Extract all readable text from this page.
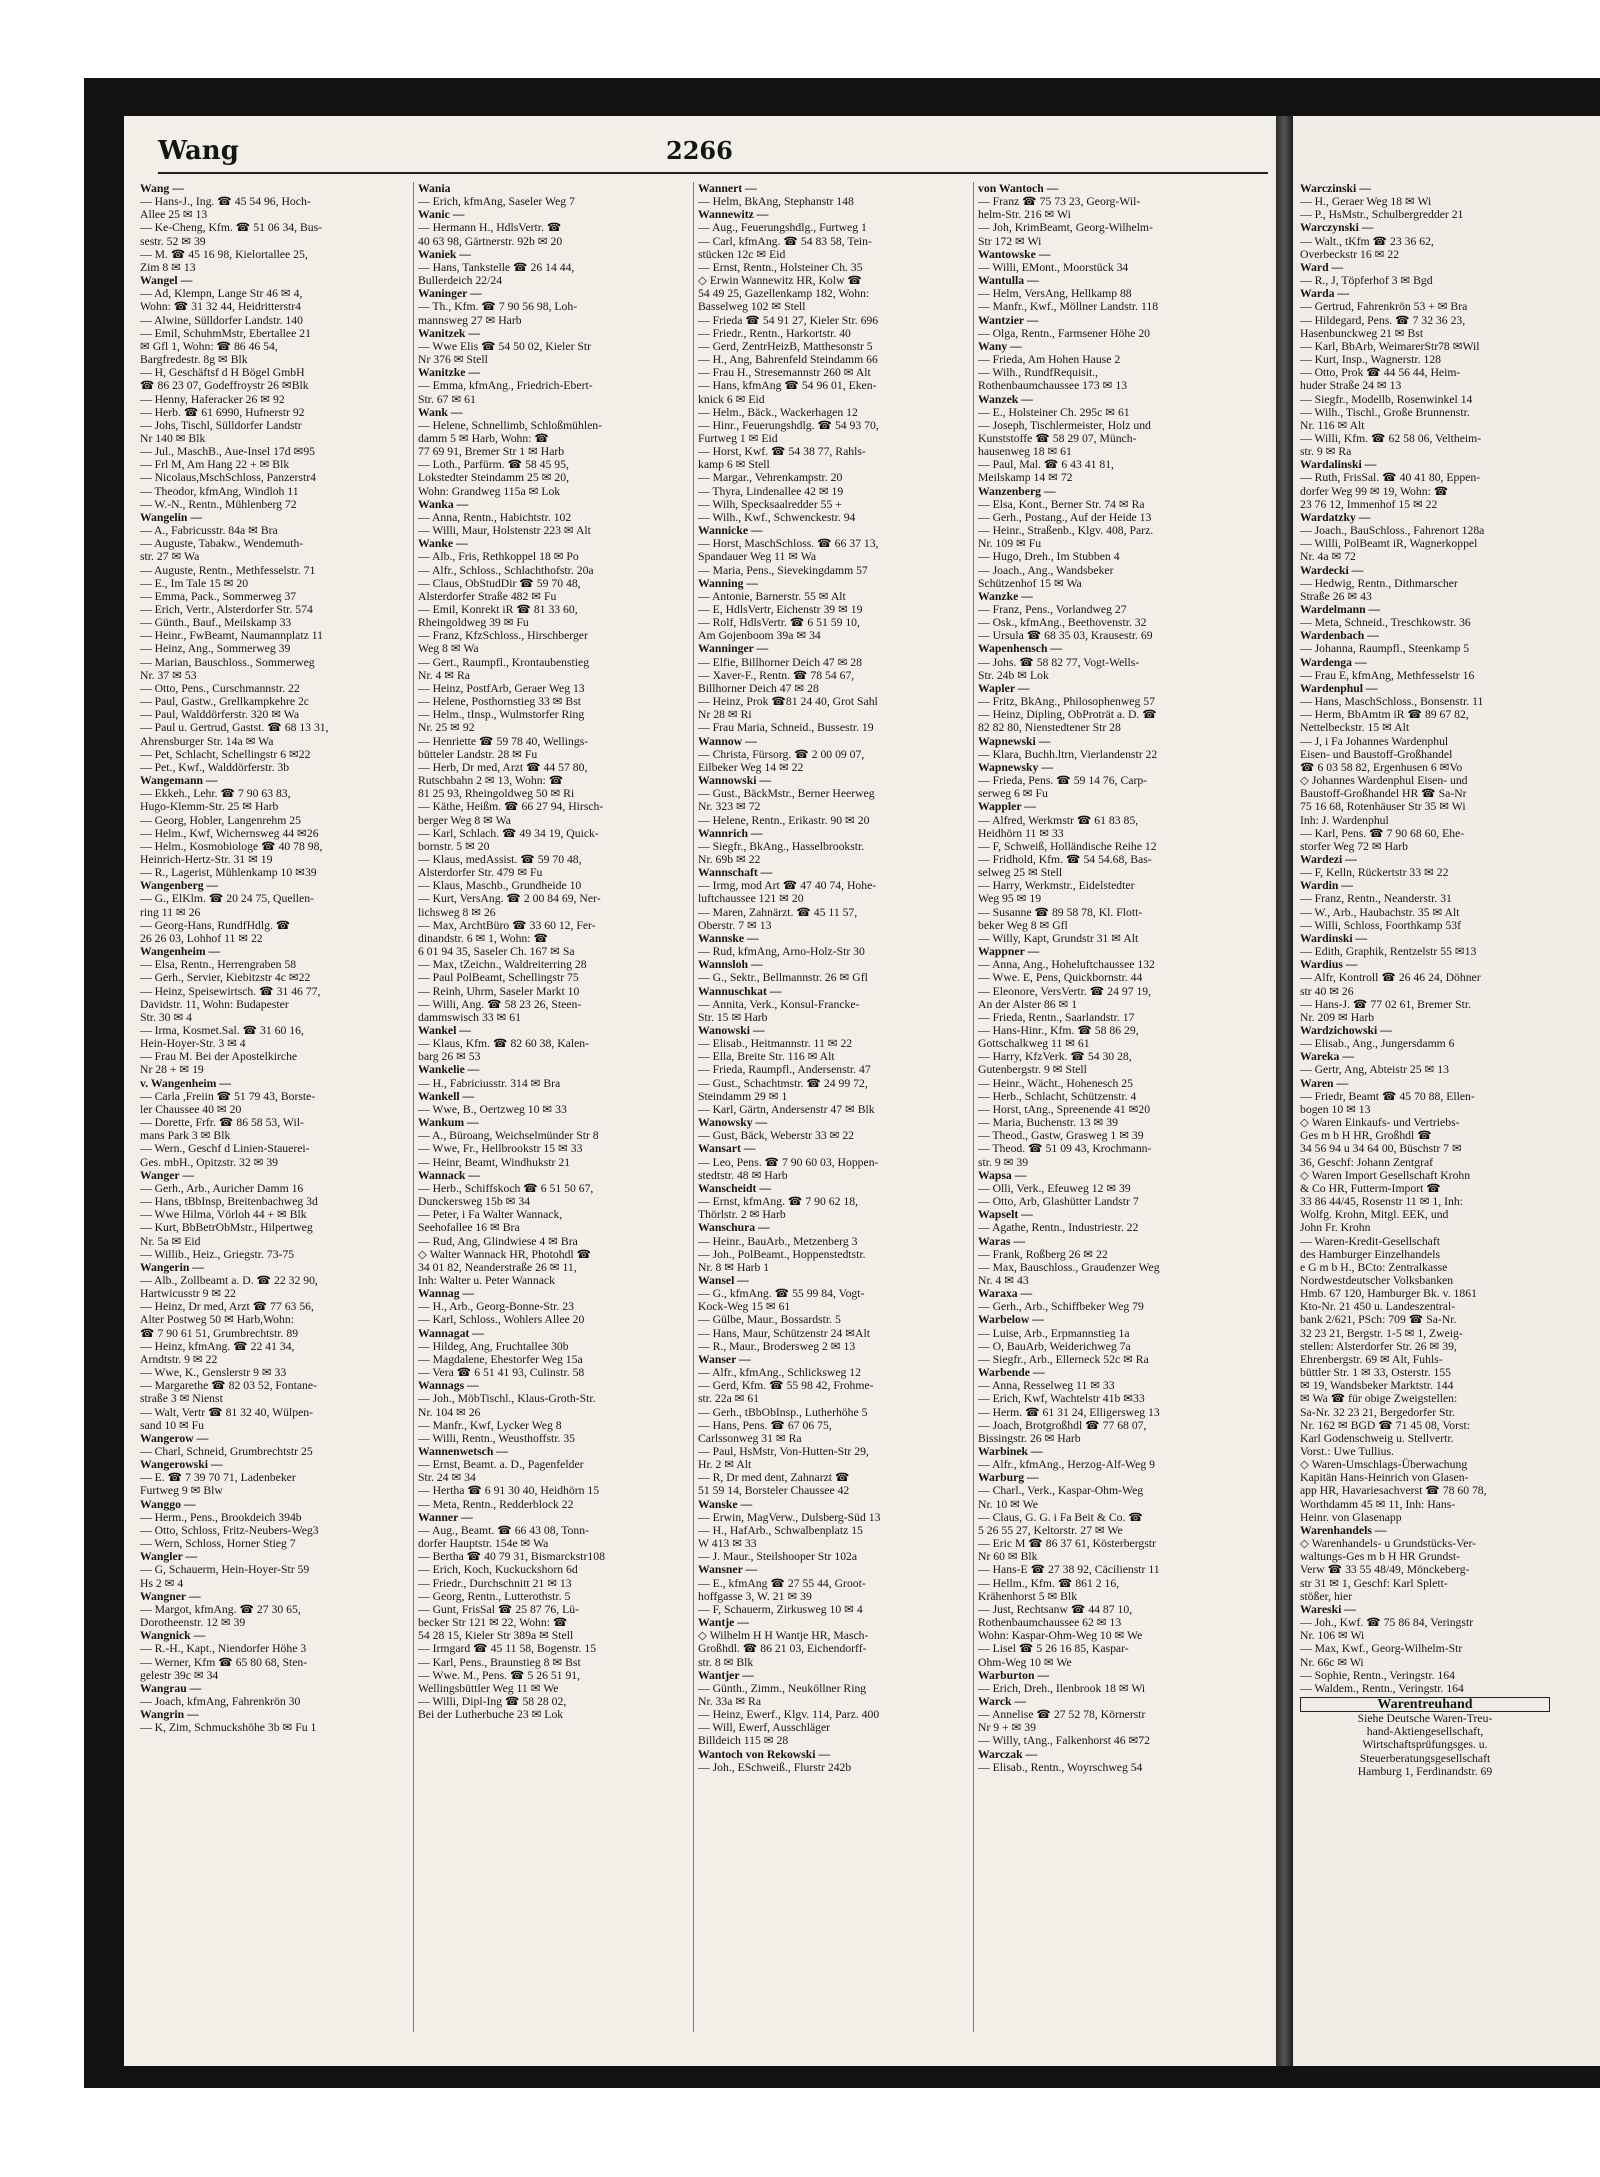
Wang	2266
Wang —
— Hans-J., Ing. ☎ 45 54 96, Hoch-
Allee 25 ✉ 13
— Ke-Cheng, Kfm. ☎ 51 06 34, Bus-
sestr. 52 ✉ 39
— M. ☎ 45 16 98, Kielortallee 25,
Zim 8 ✉ 13
Wangel —
— Ad, Klempn, Lange Str 46 ✉ 4,
Wohn: ☎ 31 32 44, Heidritterstr4
— Alwine, Sülldorfer Landstr. 140
— Emil, SchuhmMstr, Ebertallee 21
✉ Gfl 1, Wohn: ☎ 86 46 54,
Bargfredestr. 8g ✉ Blk
— H, Geschäftsf d H Bögel GmbH
☎ 86 23 07, Godeffroystr 26 ✉Blk
— Henny, Haferacker 26 ✉ 92
— Herb. ☎ 61 6990, Hufnerstr 92
— Johs, Tischl, Sülldorfer Landstr
Nr 140 ✉ Blk
— Jul., MaschB., Aue-Insel 17d ✉95
— Frl M, Am Hang 22 + ✉ Blk
— Nicolaus,MschSchloss, Panzerstr4
— Theodor, kfmAng, Windloh 11
— W.-N., Rentn., Mühlenberg 72
Wangelin —
— A., Fabricusstr. 84a ✉ Bra
— Auguste, Tabakw., Wendemuth-
str. 27 ✉ Wa
— Auguste, Rentn., Methfesselstr. 71
— E., Im Tale 15 ✉ 20
— Emma, Pack., Sommerweg 37
— Erich, Vertr., Alsterdorfer Str. 574
— Günth., Bauf., Meilskamp 33
— Heinr., FwBeamt, Naumannplatz 11
— Heinz, Ang., Sommerweg 39
— Marian, Bauschloss., Sommerweg
Nr. 37 ✉ 53
— Otto, Pens., Curschmannstr. 22
— Paul, Gastw., Grellkampkehre 2c
— Paul, Walddörferstr. 320 ✉ Wa
— Paul u. Gertrud, Gastst. ☎ 68 13 31,
Ahrensburger Str. 14a ✉ Wa
— Pet, Schlacht, Schellingstr 6 ✉22
— Pet., Kwf., Walddörferstr. 3b
Wangemann —
— Ekkeh., Lehr. ☎ 7 90 63 83,
Hugo-Klemm-Str. 25 ✉ Harb
— Georg, Hobler, Langenrehm 25
— Helm., Kwf, Wichernsweg 44 ✉26
— Helm., Kosmobiologe ☎ 40 78 98,
Heinrich-Hertz-Str. 31 ✉ 19
— R., Lagerist, Mühlenkamp 10 ✉39
Wangenberg —
— G., ElKlm. ☎ 20 24 75, Quellen-
ring 11 ✉ 26
— Georg-Hans, RundfHdlg. ☎
26 26 03, Lohhof 11 ✉ 22
Wangenheim —
— Elsa, Rentn., Herrengraben 58
— Gerh., Servier, Kiebitzstr 4c ✉22
— Heinz, Speisewirtsch. ☎ 31 46 77,
Davidstr. 11, Wohn: Budapester
Str. 30 ✉ 4
— Irma, Kosmet.Sal. ☎ 31 60 16,
Hein-Hoyer-Str. 3 ✉ 4
— Frau M. Bei der Apostelkirche
Nr 28 + ✉ 19
v. Wangenheim —
— Carla ,Freiin ☎ 51 79 43, Borste-
ler Chaussee 40 ✉ 20
— Dorette, Frfr. ☎ 86 58 53, Wil-
mans Park 3 ✉ Blk
— Wern., Geschf d Linien-Stauerei-
Ges. mbH., Opitzstr. 32 ✉ 39
Wanger —
— Gerh., Arb., Auricher Damm 16
— Hans, tBbInsp, Breitenbachweg 3d
— Wwe Hilma, Vörloh 44 + ✉ Blk
— Kurt, BbBetrObMstr., Hilpertweg
Nr. 5a ✉ Eid
— Willib., Heiz., Griegstr. 73-75
Wangerin —
— Alb., Zollbeamt a. D. ☎ 22 32 90,
Hartwicusstr 9 ✉ 22
— Heinz, Dr med, Arzt ☎ 77 63 56,
Alter Postweg 50 ✉ Harb,Wohn:
☎ 7 90 61 51, Grumbrechtstr. 89
— Heinz, kfmAng. ☎ 22 41 34,
Arndtstr. 9 ✉ 22
— Wwe, K., Genslerstr 9 ✉ 33
— Margarethe ☎ 82 03 52, Fontane-
straße 3 ✉ Nienst
— Walt, Vertr ☎ 81 32 40, Wülpen-
sand 10 ✉ Fu
Wangerow —
— Charl, Schneid, Grumbrechtstr 25
Wangerowski —
— E. ☎ 7 39 70 71, Ladenbeker
Furtweg 9 ✉ Blw
Wanggo —
— Herm., Pens., Brookdeich 394b
— Otto, Schloss, Fritz-Neubers-Weg3
— Wern, Schloss, Horner Stieg 7
Wangler —
— G, Schauerm, Hein-Hoyer-Str 59
Hs 2 ✉ 4
Wangner —
— Margot, kfmAng. ☎ 27 30 65,
Dorotheenstr. 12 ✉ 39
Wangnick —
— R.-H., Kapt., Niendorfer Höhe 3
— Werner, Kfm ☎ 65 80 68, Sten-
gelestr 39c ✉ 34
Wangrau —
— Joach, kfmAng, Fahrenkrön 30
Wangrin —
— K, Zim, Schmuckshöhe 3b ✉ Fu 1
Wania
— Erich, kfmAng, Saseler Weg 7
Wanic —
— Hermann H., HdlsVertr. ☎
40 63 98, Gärtnerstr. 92b ✉ 20
Waniek —
— Hans, Tankstelle ☎ 26 14 44,
Bullerdeich 22/24
Waninger —
— Th., Kfm. ☎ 7 90 56 98, Loh-
mannsweg 27 ✉ Harb
Wanitzek —
— Wwe Elis ☎ 54 50 02, Kieler Str
Nr 376 ✉ Stell
Wanitzke —
— Emma, kfmAng., Friedrich-Ebert-
Str. 67 ✉ 61
Wank —
— Helene, Schnellimb, Schloßmühlen-
damm 5 ✉ Harb, Wohn: ☎
77 69 91, Bremer Str 1 ✉ Harb
— Loth., Parfürm. ☎ 58 45 95,
Lokstedter Steindamm 25 ✉ 20,
Wohn: Grandweg 115a ✉ Lok
Wanka —
— Anna, Rentn., Habichtstr. 102
— Willi, Maur, Holstenstr 223 ✉ Alt
Wanke —
— Alb., Fris, Rethkoppel 18 ✉ Po
— Alfr., Schloss., Schlachthofstr. 20a
— Claus, ObStudDir ☎ 59 70 48,
Alsterdorfer Straße 482 ✉ Fu
— Emil, Konrekt iR ☎ 81 33 60,
Rheingoldweg 39 ✉ Fu
— Franz, KfzSchloss., Hirschberger
Weg 8 ✉ Wa
— Gert., Raumpfl., Krontaubenstieg
Nr. 4 ✉ Ra
— Heinz, PostfArb, Geraer Weg 13
— Helene, Posthornstieg 33 ✉ Bst
— Helm., tInsp., Wulmstorfer Ring
Nr. 25 ✉ 92
— Henriette ☎ 59 78 40, Wellings-
bütteler Landstr. 28 ✉ Fu
— Herb, Dr med, Arzt ☎ 44 57 80,
Rutschbahn 2 ✉ 13, Wohn: ☎
81 25 93, Rheingoldweg 50 ✉ Ri
— Käthe, Heißm. ☎ 66 27 94, Hirsch-
berger Weg 8 ✉ Wa
— Karl, Schlach. ☎ 49 34 19, Quick-
bornstr. 5 ✉ 20
— Klaus, medAssist. ☎ 59 70 48,
Alsterdorfer Str. 479 ✉ Fu
— Klaus, Maschb., Grundheide 10
— Kurt, VersAng. ☎ 2 00 84 69, Ner-
lichsweg 8 ✉ 26
— Max, ArchtBüro ☎ 33 60 12, Fer-
dinandstr. 6 ✉ 1, Wohn: ☎
6 01 94 35, Saseler Ch. 167 ✉ Sa
— Max, tZeichn., Waldreiterring 28
— Paul PolBeamt, Schellingstr 75
— Reinh, Uhrm, Saseler Markt 10
— Willi, Ang. ☎ 58 23 26, Steen-
dammswisch 33 ✉ 61
Wankel —
— Klaus, Kfm. ☎ 82 60 38, Kalen-
barg 26 ✉ 53
Wankelie —
— H., Fabriciusstr. 314 ✉ Bra
Wankell —
— Wwe, B., Oertzweg 10 ✉ 33
Wankum —
— A., Büroang, Weichselmünder Str 8
— Wwe, Fr., Hellbrookstr 15 ✉ 33
— Heinr, Beamt, Windhukstr 21
Wannack —
— Herb., Schiffskoch ☎ 6 51 50 67,
Dunckersweg 15b ✉ 34
— Peter, i Fa Walter Wannack,
Seehofallee 16 ✉ Bra
— Rud, Ang, Glindwiese 4 ✉ Bra
◇ Walter Wannack HR, Photohdl ☎
34 01 82, Neanderstraße 26 ✉ 11,
Inh: Walter u. Peter Wannack
Wannag —
— H., Arb., Georg-Bonne-Str. 23
— Karl, Schloss., Wohlers Allee 20
Wannagat —
— Hildeg, Ang, Fruchtallee 30b
— Magdalene, Ehestorfer Weg 15a
— Vera ☎ 6 51 41 93, Culinstr. 58
Wannags —
— Joh., MöbTischl., Klaus-Groth-Str.
Nr. 104 ✉ 26
— Manfr., Kwf, Lycker Weg 8
— Willi, Rentn., Weusthoffstr. 35
Wannenwetsch —
— Ernst, Beamt. a. D., Pagenfelder
Str. 24 ✉ 34
— Hertha ☎ 6 91 30 40, Heidhörn 15
— Meta, Rentn., Redderblock 22
Wanner —
— Aug., Beamt. ☎ 66 43 08, Tonn-
dorfer Hauptstr. 154e ✉ Wa
— Bertha ☎ 40 79 31, Bismarckstr108
— Erich, Koch, Kuckuckshorn 6d
— Friedr., Durchschnitt 21 ✉ 13
— Georg, Rentn., Lutterothstr. 5
— Gunt, FrisSal ☎ 25 87 76, Lü-
becker Str 121 ✉ 22, Wohn: ☎
54 28 15, Kieler Str 389a ✉ Stell
— Irmgard ☎ 45 11 58, Bogenstr. 15
— Karl, Pens., Braunstieg 8 ✉ Bst
— Wwe. M., Pens. ☎ 5 26 51 91,
Wellingsbüttler Weg 11 ✉ We
— Willi, Dipl-Ing ☎ 58 28 02,
Bei der Lutherbuche 23 ✉ Lok
Wannert —
— Helm, BkAng, Stephanstr 148
Wannewitz —
— Aug., Feuerungshdlg., Furtweg 1
— Carl, kfmAng. ☎ 54 83 58, Tein-
stücken 12c ✉ Eid
— Ernst, Rentn., Holsteiner Ch. 35
◇ Erwin Wannewitz HR, Kolw ☎
54 49 25, Gazellenkamp 182, Wohn:
Basselweg 102 ✉ Stell
— Frieda ☎ 54 91 27, Kieler Str. 696
— Friedr., Rentn., Harkortstr. 40
— Gerd, ZentrHeizB, Matthesonstr 5
— H., Ang, Bahrenfeld Steindamm 66
— Frau H., Stresemannstr 260 ✉ Alt
— Hans, kfmAng ☎ 54 96 01, Eken-
knick 6 ✉ Eid
— Helm., Bäck., Wackerhagen 12
— Hinr., Feuerungshdlg. ☎ 54 93 70,
Furtweg 1 ✉ Eid
— Horst, Kwf. ☎ 54 38 77, Rahls-
kamp 6 ✉ Stell
— Margar., Vehrenkampstr. 20
— Thyra, Lindenallee 42 ✉ 19
— Wilh, Specksaalredder 55 +
— Wilh., Kwf., Schwenckestr. 94
Wannicke —
— Horst, MaschSchloss. ☎ 66 37 13,
Spandauer Weg 11 ✉ Wa
— Maria, Pens., Sievekingdamm 57
Wanning —
— Antonie, Barnerstr. 55 ✉ Alt
— E, HdlsVertr, Eichenstr 39 ✉ 19
— Rolf, HdlsVertr. ☎ 6 51 59 10,
Am Gojenboom 39a ✉ 34
Wanninger —
— Elfie, Billhorner Deich 47 ✉ 28
— Xaver-F., Rentn. ☎ 78 54 67,
Billhorner Deich 47 ✉ 28
— Heinz, Prok ☎81 24 40, Grot Sahl
Nr 28 ✉ Ri
— Frau Maria, Schneid., Bussestr. 19
Wannow —
— Christa, Fürsorg. ☎ 2 00 09 07,
Eilbeker Weg 14 ✉ 22
Wannowski —
— Gust., BäckMstr., Berner Heerweg
Nr. 323 ✉ 72
— Helene, Rentn., Erikastr. 90 ✉ 20
Wannrich —
— Siegfr., BkAng., Hasselbrookstr.
Nr. 69b ✉ 22
Wannschaft —
— Irmg, mod Art ☎ 47 40 74, Hohe-
luftchaussee 121 ✉ 20
— Maren, Zahnärzt. ☎ 45 11 57,
Oberstr. 7 ✉ 13
Wannske —
— Rud, kfmAng, Arno-Holz-Str 30
Wannsloh —
— G., Sektr., Bellmannstr. 26 ✉ Gfl
Wannuschkat —
— Annita, Verk., Konsul-Francke-
Str. 15 ✉ Harb
Wanowski —
— Elisab., Heitmannstr. 11 ✉ 22
— Ella, Breite Str. 116 ✉ Alt
— Frieda, Raumpfl., Andersenstr. 47
— Gust., Schachtmstr. ☎ 24 99 72,
Steindamm 29 ✉ 1
— Karl, Gärtn, Andersenstr 47 ✉ Blk
Wanowsky —
— Gust, Bäck, Weberstr 33 ✉ 22
Wansart —
— Leo, Pens. ☎ 7 90 60 03, Hoppen-
stedtstr. 48 ✉ Harb
Wanscheidt —
— Ernst, kfmAng. ☎ 7 90 62 18,
Thörlstr. 2 ✉ Harb
Wanschura —
— Heinr., BauArb., Metzenberg 3
— Joh., PolBeamt., Hoppenstedtstr.
Nr. 8 ✉ Harb 1
Wansel —
— G., kfmAng. ☎ 55 99 84, Vogt-
Kock-Weg 15 ✉ 61
— Gülbe, Maur., Bossardstr. 5
— Hans, Maur, Schützenstr 24 ✉Alt
— R., Maur., Brodersweg 2 ✉ 13
Wanser —
— Alfr., kfmAng., Schlicksweg 12
— Gerd, Kfm. ☎ 55 98 42, Frohme-
str. 22a ✉ 61
— Gerh., tBbObInsp., Lutherhöhe 5
— Hans, Pens. ☎ 67 06 75,
Carlssonweg 31 ✉ Ra
— Paul, HsMstr, Von-Hutten-Str 29,
Hr. 2 ✉ Alt
— R, Dr med dent, Zahnarzt ☎
51 59 14, Borsteler Chaussee 42
Wanske —
— Erwin, MagVerw., Dulsberg-Süd 13
— H., HafArb., Schwalbenplatz 15
W 413 ✉ 33
— J. Maur., Steilshooper Str 102a
Wansner —
— E., kfmAng ☎ 27 55 44, Groot-
hoffgasse 3, W. 21 ✉ 39
— F, Schauerm, Zirkusweg 10 ✉ 4
Wantje —
◇ Wilhelm H H Wantje HR, Masch-
Großhdl. ☎ 86 21 03, Eichendorff-
str. 8 ✉ Blk
Wantjer —
— Günth., Zimm., Neuköllner Ring
Nr. 33a ✉ Ra
— Heinz, Ewerf., Klgv. 114, Parz. 400
— Will, Ewerf, Ausschläger
Billdeich 115 ✉ 28
Wantoch von Rekowski —
— Joh., ESchweiß., Flurstr 242b
von Wantoch —
— Franz ☎ 75 73 23, Georg-Wil-
helm-Str. 216 ✉ Wi
— Joh, KrimBeamt, Georg-Wilhelm-
Str 172 ✉ Wi
Wantowske —
— Willi, EMont., Moorstück 34
Wantulla —
— Helm, VersAng, Hellkamp 88
— Manfr., Kwf., Möllner Landstr. 118
Wantzier —
— Olga, Rentn., Farmsener Höhe 20
Wany —
— Frieda, Am Hohen Hause 2
— Wilh., RundfRequisit.,
Rothenbaumchaussee 173 ✉ 13
Wanzek —
— E., Holsteiner Ch. 295c ✉ 61
— Joseph, Tischlermeister, Holz und
Kunststoffe ☎ 58 29 07, Münch-
hausenweg 18 ✉ 61
— Paul, Mal. ☎ 6 43 41 81,
Meilskamp 14 ✉ 72
Wanzenberg —
— Elsa, Kont., Berner Str. 74 ✉ Ra
— Gerh., Postang., Auf der Heide 13
— Heinr., Straßenb., Klgv. 408, Parz.
Nr. 109 ✉ Fu
— Hugo, Dreh., Im Stubben 4
— Joach., Ang., Wandsbeker
Schützenhof 15 ✉ Wa
Wanzke —
— Franz, Pens., Vorlandweg 27
— Osk., kfmAng., Beethovenstr. 32
— Ursula ☎ 68 35 03, Krausestr. 69
Wapenhensch —
— Johs. ☎ 58 82 77, Vogt-Wells-
Str. 24b ✉ Lok
Wapler —
— Fritz, BkAng., Philosophenweg 57
— Heinz, Dipling, ObProträt a. D. ☎
82 82 80, Nienstedtener Str 28
Wapnewski —
— Klara, Buchh.ltrn, Vierlandenstr 22
Wapnewsky —
— Frieda, Pens. ☎ 59 14 76, Carp-
serweg 6 ✉ Fu
Wappler —
— Alfred, Werkmstr ☎ 61 83 85,
Heidhörn 11 ✉ 33
— F, Schweiß, Holländische Reihe 12
— Fridhold, Kfm. ☎ 54 54.68, Bas-
selweg 25 ✉ Stell
— Harry, Werkmstr., Eidelstedter
Weg 95 ✉ 19
— Susanne ☎ 89 58 78, Kl. Flott-
beker Weg 8 ✉ Gfl
— Willy, Kapt, Grundstr 31 ✉ Alt
Wappner —
— Anna, Ang., Hoheluftchaussee 132
— Wwe. E, Pens, Quickbornstr. 44
— Eleonore, VersVertr. ☎ 24 97 19,
An der Alster 86 ✉ 1
— Frieda, Rentn., Saarlandstr. 17
— Hans-Hinr., Kfm. ☎ 58 86 29,
Gottschalkweg 11 ✉ 61
— Harry, KfzVerk. ☎ 54 30 28,
Gutenbergstr. 9 ✉ Stell
— Heinr., Wächt., Hohenesch 25
— Herb., Schlacht, Schützenstr. 4
— Horst, tAng., Spreenende 41 ✉20
— Maria, Buchenstr. 13 ✉ 39
— Theod., Gastw, Grasweg 1 ✉ 39
— Theod. ☎ 51 09 43, Krochmann-
str. 9 ✉ 39
Wapsa —
— Olli, Verk., Efeuweg 12 ✉ 39
— Otto, Arb, Glashütter Landstr 7
Wapselt —
— Agathe, Rentn., Industriestr. 22
Waras —
— Frank, Roßberg 26 ✉ 22
— Max, Bauschloss., Graudenzer Weg
Nr. 4 ✉ 43
Waraxa —
— Gerh., Arb., Schiffbeker Weg 79
Warbelow —
— Luise, Arb., Erpmannstieg 1a
— O, BauArb, Weiderichweg 7a
— Siegfr., Arb., Ellerneck 52c ✉ Ra
Warbende —
— Anna, Resselweg 11 ✉ 33
— Erich, Kwf, Wachtelstr 41b ✉33
— Herm. ☎ 61 31 24, Elligersweg 13
— Joach, Brotgroßhdl ☎ 77 68 07,
Bissingstr. 26 ✉ Harb
Warbinek —
— Alfr., kfmAng., Herzog-Alf-Weg 9
Warburg —
— Charl., Verk., Kaspar-Ohm-Weg
Nr. 10 ✉ We
— Claus, G. G. i Fa Beit & Co. ☎
5 26 55 27, Keltorstr. 27 ✉ We
— Eric M ☎ 86 37 61, Kösterbergstr
Nr 60 ✉ Blk
— Hans-E ☎ 27 38 92, Cäcilienstr 11
— Hellm., Kfm. ☎ 861 2 16,
Krähenhorst 5 ✉ Blk
— Just, Rechtsanw ☎ 44 87 10,
Rothenbaumchaussee 62 ✉ 13
Wohn: Kaspar-Ohm-Weg 10 ✉ We
— Lisel ☎ 5 26 16 85, Kaspar-
Ohm-Weg 10 ✉ We
Warburton —
— Erich, Dreh., Ilenbrook 18 ✉ Wi
Warck —
— Annelise ☎ 27 52 78, Körnerstr
Nr 9 + ✉ 39
— Willy, tAng., Falkenhorst 46 ✉72
Warczak —
— Elisab., Rentn., Woyrschweg 54
Warczinski —
— H., Geraer Weg 18 ✉ Wi
— P., HsMstr., Schulbergredder 21
Warczynski —
— Walt., tKfm ☎ 23 36 62,
Overbeckstr 16 ✉ 22
Ward —
— R., J, Töpferhof 3 ✉ Bgd
Warda —
— Gertrud, Fahrenkrön 53 + ✉ Bra
— Hildegard, Pens. ☎ 7 32 36 23,
Hasenbunckweg 21 ✉ Bst
— Karl, BbArb, WeimarerStr78 ✉Wil
— Kurt, Insp., Wagnerstr. 128
— Otto, Prok ☎ 44 56 44, Heim-
huder Straße 24 ✉ 13
— Siegfr., Modellb, Rosenwinkel 14
— Wilh., Tischl., Große Brunnenstr.
Nr. 116 ✉ Alt
— Willi, Kfm. ☎ 62 58 06, Veltheim-
str. 9 ✉ Ra
Wardalinski —
— Ruth, FrisSal. ☎ 40 41 80, Eppen-
dorfer Weg 99 ✉ 19, Wohn: ☎
23 76 12, Immenhof 15 ✉ 22
Wardatzky —
— Joach., BauSchloss., Fahrenort 128a
— Willi, PolBeamt iR, Wagnerkoppel
Nr. 4a ✉ 72
Wardecki —
— Hedwig, Rentn., Dithmarscher
Straße 26 ✉ 43
Wardelmann —
— Meta, Schneid., Treschkowstr. 36
Wardenbach —
— Johanna, Raumpfl., Steenkamp 5
Wardenga —
— Frau E, kfmAng, Methfesselstr 16
Wardenphul —
— Hans, MaschSchloss., Bonsenstr. 11
— Herm, BbAmtm iR ☎ 89 67 82,
Nettelbeckstr. 15 ✉ Alt
— J, i Fa Johannes Wardenphul
Eisen- und Baustoff-Großhandel
☎ 6 03 58 82, Ergenhusen 6 ✉Vo
◇ Johannes Wardenphul Eisen- und
Baustoff-Großhandel HR ☎ Sa-Nr
75 16 68, Rotenhäuser Str 35 ✉ Wi
Inh: J. Wardenphul
— Karl, Pens. ☎ 7 90 68 60, Ehe-
storfer Weg 72 ✉ Harb
Wardezi —
— F, Kelln, Rückertstr 33 ✉ 22
Wardin —
— Franz, Rentn., Neanderstr. 31
— W., Arb., Haubachstr. 35 ✉ Alt
— Willi, Schloss, Foorthkamp 53f
Wardinski —
— Edith, Graphik, Rentzelstr 55 ✉13
Wardius —
— Alfr, Kontroll ☎ 26 46 24, Döhner
str 40 ✉ 26
— Hans-J. ☎ 77 02 61, Bremer Str.
Nr. 209 ✉ Harb
Wardzichowski —
— Elisab., Ang., Jungersdamm 6
Wareka —
— Gertr, Ang, Abteistr 25 ✉ 13
Waren —
— Friedr, Beamt ☎ 45 70 88, Ellen-
bogen 10 ✉ 13
◇ Waren Einkaufs- und Vertriebs-
Ges m b H HR, Großhdl ☎
34 56 94 u 34 64 00, Büschstr 7 ✉
36, Geschf: Johann Zentgraf
◇ Waren Import Gesellschaft Krohn
& Co HR, Futterm-Import ☎
33 86 44/45, Rosenstr 11 ✉ 1, Inh:
Wolfg. Krohn, Mitgl. EEK, und
John Fr. Krohn
— Waren-Kredit-Gesellschaft
des Hamburger Einzelhandels
e G m b H., BCto: Zentralkasse
Nordwestdeutscher Volksbanken
Hmb. 67 120, Hamburger Bk. v. 1861
Kto-Nr. 21 450 u. Landeszentral-
bank 2/621, PSch: 709 ☎ Sa-Nr.
32 23 21, Bergstr. 1-5 ✉ 1, Zweig-
stellen: Alsterdorfer Str. 26 ✉ 39,
Ehrenbergstr. 69 ✉ Alt, Fuhls-
büttler Str. 1 ✉ 33, Osterstr. 155
✉ 19, Wandsbeker Marktstr. 144
✉ Wa ☎ für obige Zweigstellen:
Sa-Nr. 32 23 21, Bergedorfer Str.
Nr. 162 ✉ BGD ☎ 71 45 08, Vorst:
Karl Godenschweig u. Stellvertr.
Vorst.: Uwe Tullius.
◇ Waren-Umschlags-Überwachung
Kapitän Hans-Heinrich von Glasen-
app HR, Havariesachverst ☎ 78 60 78,
Worthdamm 45 ✉ 11, Inh: Hans-
Heinr. von Glasenapp
Warenhandels —
◇ Warenhandels- u Grundstücks-Ver-
waltungs-Ges m b H HR Grundst-
Verw ☎ 33 55 48/49, Mönckeberg-
str 31 ✉ 1, Geschf: Karl Splett-
stößer, hier
Wareski —
— Joh., Kwf. ☎ 75 86 84, Veringstr
Nr. 106 ✉ Wi
— Max, Kwf., Georg-Wilhelm-Str
Nr. 66c ✉ Wi
— Sophie, Rentn., Veringstr. 164
— Waldem., Rentn., Veringstr. 164
Warentreuhand
Siehe Deutsche Waren-Treu-
hand-Aktiengesellschaft,
Wirtschaftsprüfungsges. u.
Steuerberatungsgesellschaft
Hamburg 1, Ferdinandstr. 69
